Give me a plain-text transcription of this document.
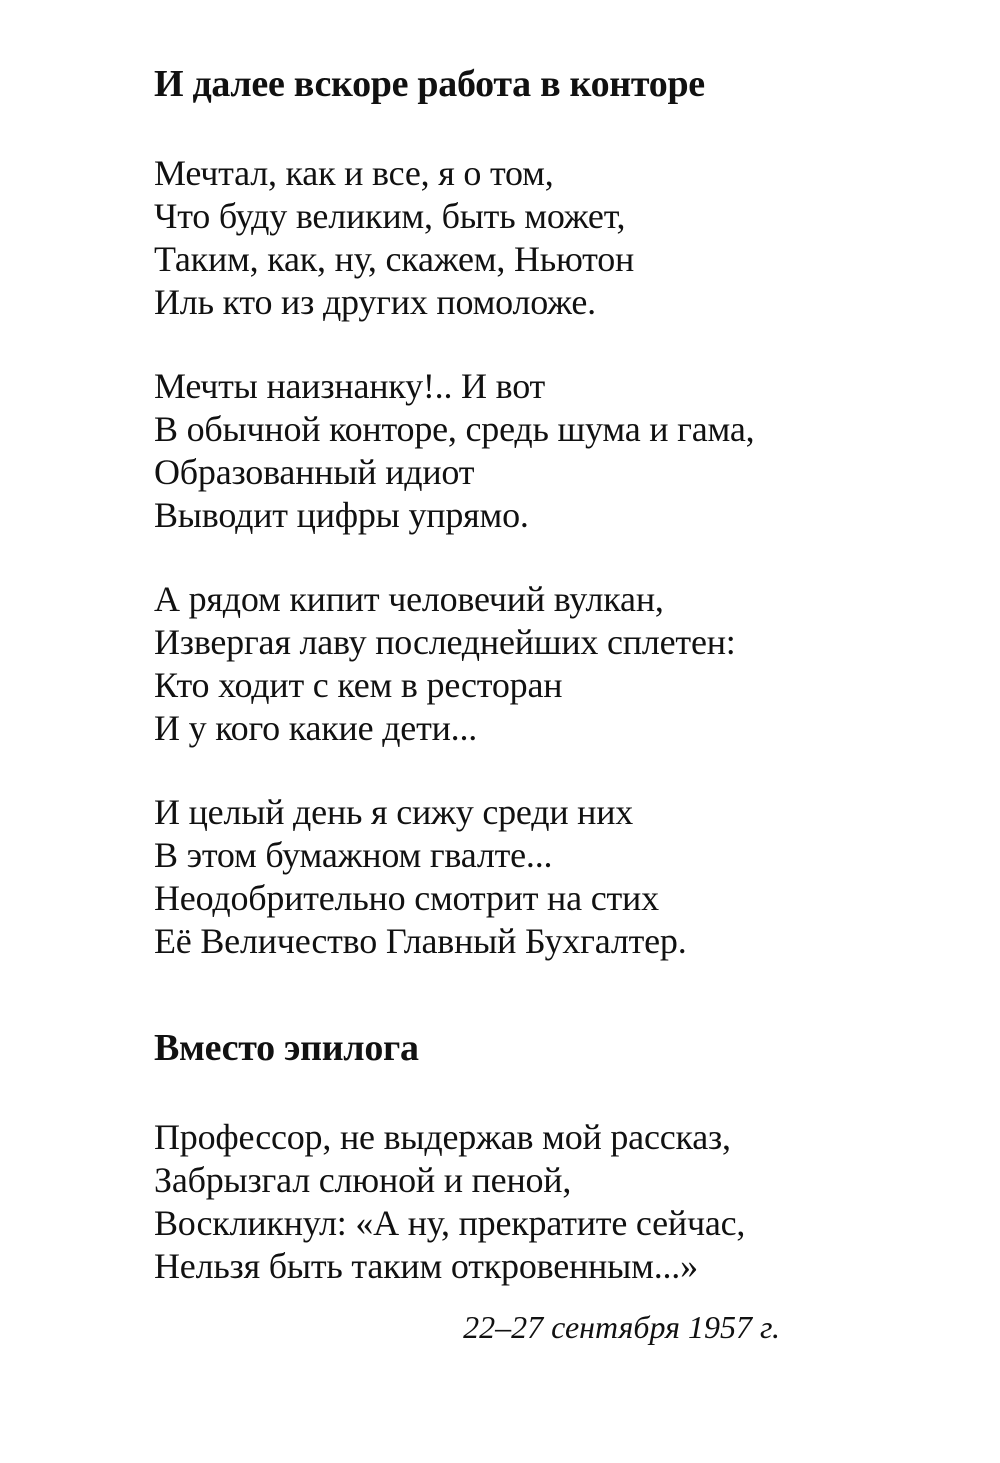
И далее вскоре работа в конторе
Мечтал, как и все, я о том,
Что буду великим, быть может,
Таким, как, ну, скажем, Ньютон
Иль кто из других помоложе.
Мечты наизнанку!.. И вот
В обычной конторе, средь шума и гама,
Образованный идиот
Выводит цифры упрямо.
А рядом кипит человечий вулкан,
Извергая лаву последнейших сплетен:
Кто ходит с кем в ресторан
И у кого какие дети...
И целый день я сижу среди них
В этом бумажном гвалте...
Неодобрительно смотрит на стих
Её Величество Главный Бухгалтер.
Вместо эпилога
Профессор, не выдержав мой рассказ,
Забрызгал слюной и пеной,
Воскликнул: «А ну, прекратите сейчас,
Нельзя быть таким откровенным...»
22–27 сентября 1957 г.
